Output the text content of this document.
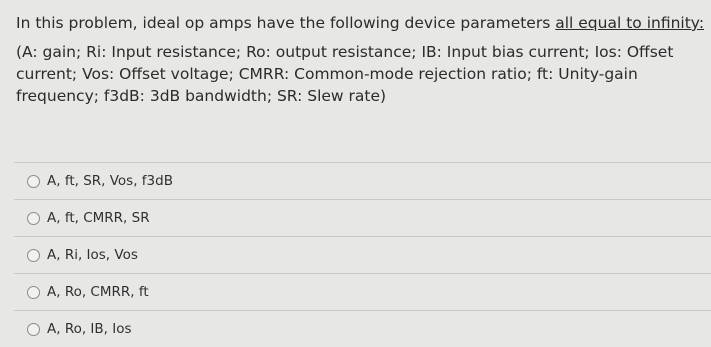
In this problem, ideal op amps have the following device parameters all equal to infinity:

(A: gain; Ri: Input resistance; Ro: output resistance; IB: Input bias current; Ios: Offset current; Vos: Offset voltage; CMRR: Common-mode rejection ratio; ft: Unity-gain frequency; f3dB: 3dB bandwidth; SR: Slew rate)

A, ft, SR, Vos, f3dB
A, ft, CMRR, SR
A, Ri, Ios, Vos
A, Ro, CMRR, ft
A, Ro, IB, Ios
